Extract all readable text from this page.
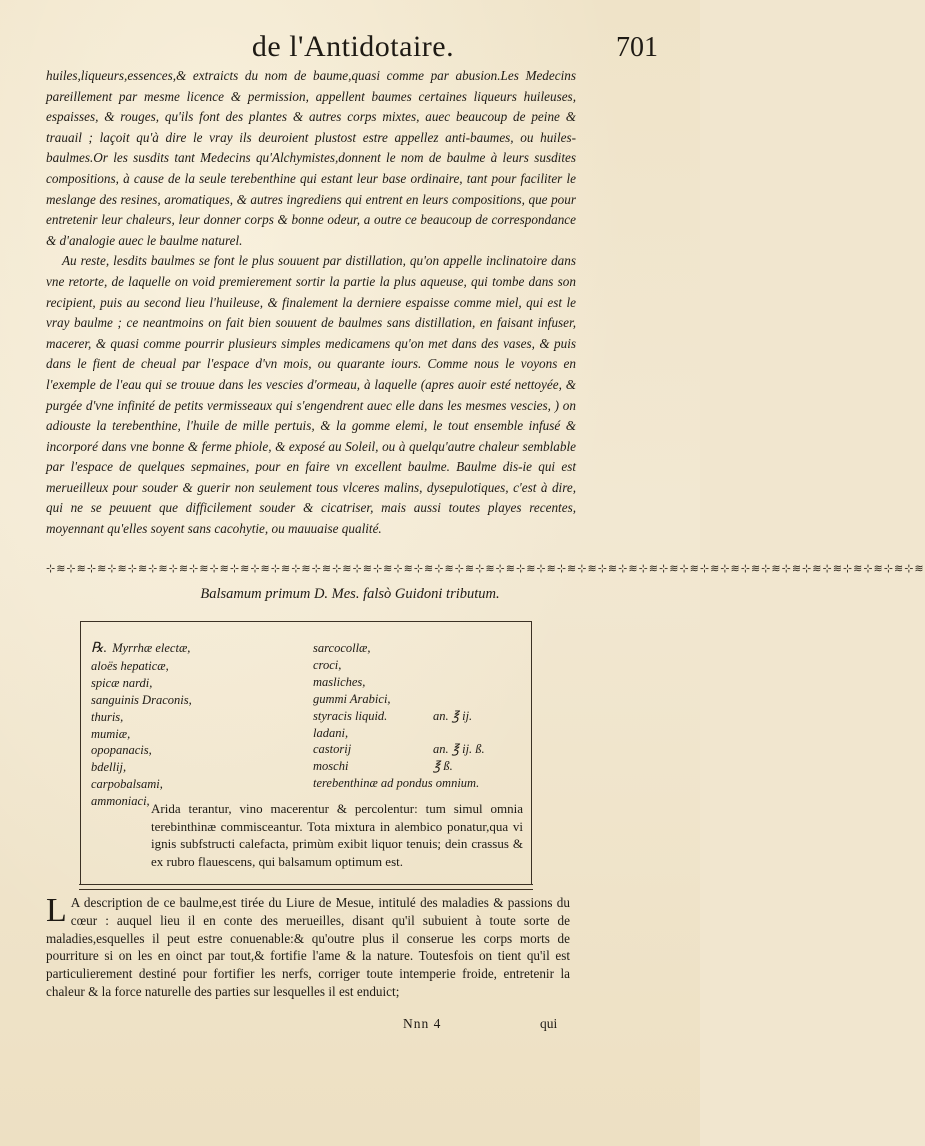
de l'Antidotaire.	701

huiles,liqueurs,essences,& extraicts du nom de baume,quasi comme par abusion.Les Medecins pareillement par mesme licence & permission, appellent baumes certaines liqueurs huileuses, espaisses, & rouges, qu'ils font des plantes & autres corps mixtes, auec beaucoup de peine & trauail ; laçoit qu'à dire le vray ils deuroient plustost estre appellez anti-baumes, ou huiles-baulmes.Or les susdits tant Medecins qu'Alchymistes,donnent le nom de baulme à leurs susdites compositions, à cause de la seule terebenthine qui estant leur base ordinaire, tant pour faciliter le meslange des resines, aromatiques, & autres ingrediens qui entrent en leurs compositions, que pour entretenir leur chaleurs, leur donner corps & bonne odeur, a outre ce beaucoup de correspondance & d'analogie auec le baulme naturel.

Au reste, lesdits baulmes se font le plus souuent par distillation, qu'on appelle inclinatoire dans vne retorte, de laquelle on void premierement sortir la partie la plus aqueuse, qui tombe dans son recipient, puis au second lieu l'huileuse, & finalement la derniere espaisse comme miel, qui est le vray baulme ; ce neantmoins on fait bien souuent de baulmes sans distillation, en faisant infuser, macerer, & quasi comme pourrir plusieurs simples medicamens qu'on met dans des vases, & puis dans le fient de cheual par l'espace d'vn mois, ou quarante iours. Comme nous le voyons en l'exemple de l'eau qui se trouue dans les vescies d'ormeau, à laquelle (apres auoir esté nettoyée, & purgée d'vne infinité de petits vermisseaux qui s'engendrent auec elle dans les mesmes vescies, ) on adiouste la terebenthine, l'huile de mille pertuis, & la gomme elemi, le tout ensemble infusé & incorporé dans vne bonne & ferme phiole, & exposé au Soleil, ou à quelqu'autre chaleur semblable par l'espace de quelques sepmaines, pour en faire vn excellent baulme. Baulme dis-ie qui est merueilleux pour souder & guerir non seulement tous vlceres malins, dysepulotiques, c'est à dire, qui ne se peuuent que difficilement souder & cicatriser, mais aussi toutes playes recentes, moyennant qu'elles soyent sans cacohytie, ou mauuaise qualité.

⊹≋⊹≋⊹≋⊹≋⊹≋⊹≋⊹≋⊹≋⊹≋⊹≋⊹≋⊹≋⊹≋⊹≋⊹≋⊹≋⊹≋⊹≋⊹≋⊹≋⊹≋⊹≋⊹≋⊹≋⊹≋⊹≋⊹≋⊹≋⊹≋⊹≋⊹≋⊹≋⊹≋⊹≋⊹≋⊹≋⊹≋⊹≋⊹≋⊹≋⊹≋⊹≋⊹≋
Balsamum primum D. Mes. falsò Guidoni tributum.
℞. Myrrhæ electæ,
aloës hepaticæ,
spicæ nardi,
sanguinis Draconis,
thuris,
mumiæ,
opopanacis,
bdellij,
carpobalsami,
ammoniaci,
sarcocollæ,
croci,
masliches,
gummi Arabici,
styracis liquid.	an. ℥ ij.
ladani,
castorij	an. ℥ ij. ß.
moschi	℥ ß.
terebenthinæ ad pondus omnium.

Arida terantur, vino macerentur & percolentur: tum simul omnia terebinthinæ commisceantur. Tota mixtura in alembico ponatur,qua vi ignis subfstructi calefacta, primùm exibit liquor tenuis; dein crassus & ex rubro flauescens, qui balsamum optimum est.

L A description de ce baulme,est tirée du Liure de Mesue, intitulé des maladies & passions du cœur : auquel lieu il en conte des merueilles, disant qu'il subuient à toute sorte de maladies,esquelles il peut estre conuenable:& qu'outre plus il conserue les corps morts de pourriture si on les en oinct par tout,& fortifie l'ame & la nature. Toutesfois on tient qu'il est particulierement destiné pour fortifier les nerfs, corriger toute intemperie froide, entretenir la chaleur & la force naturelle des parties sur lesquelles il est enduict;

Nnn 4	qui
